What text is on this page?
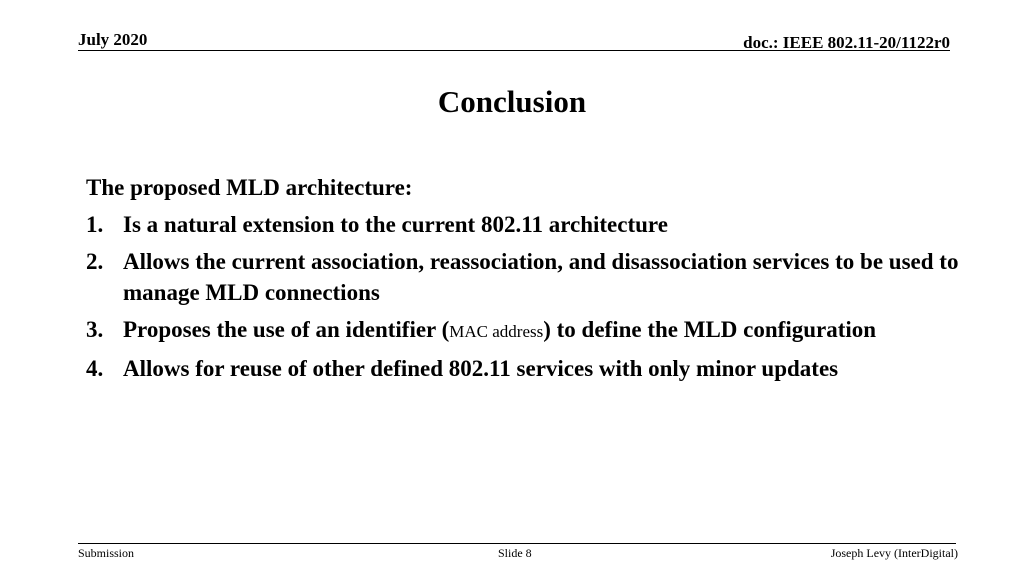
July 2020	doc.: IEEE 802.11-20/1122r0
Conclusion
The proposed MLD architecture:
1. Is a natural extension to the current 802.11 architecture
2. Allows the current association, reassociation, and disassociation services to be used to manage MLD connections
3. Proposes the use of an identifier (MAC address) to define the MLD configuration
4. Allows for reuse of other defined 802.11 services with only minor updates
Submission	Slide 8	Joseph Levy (InterDigital)
